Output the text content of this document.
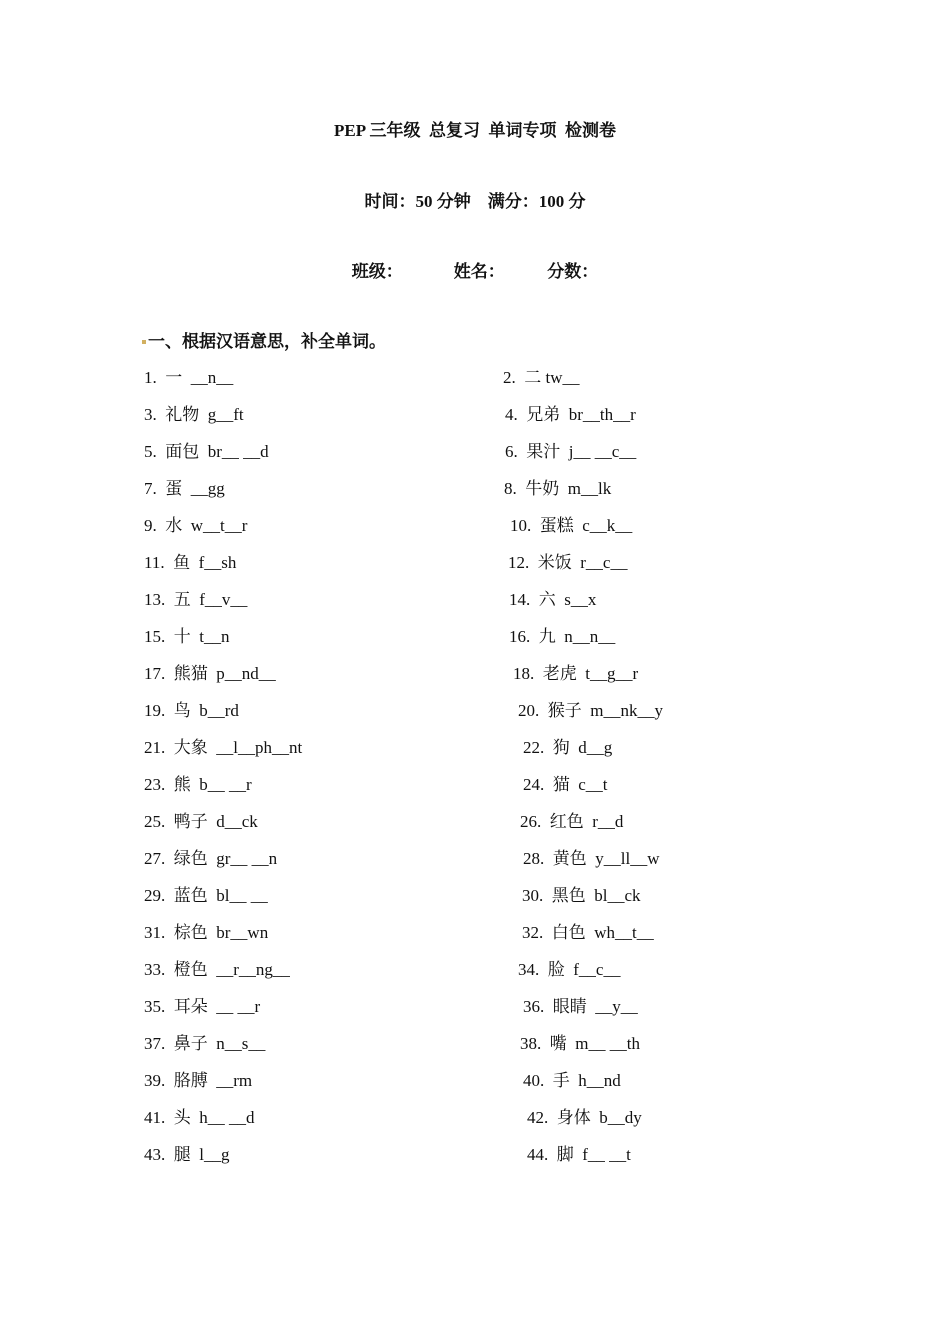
PEP 三年级  总复习  单词专项  检测卷
时间：50 分钟    满分：100 分
班级：            姓名：          分数：
一、根据汉语意思，补全单词。
1.  一  __n__
3.  礼物  g__ft
5.  面包  br__ __d
7.  蛋  __gg
9.  水  w__t__r
11.  鱼  f__sh
13.  五  f__v__
15.  十  t__n
17.  熊猫  p__nd__
19.  鸟  b__rd
21.  大象  __l__ph__nt
23.  熊  b__ __r
25.  鸭子  d__ck
27.  绿色  gr__ __n
29.  蓝色  bl__ __
31.  棕色  br__wn
33.  橙色  __r__ng__
35.  耳朵  __ __r
37.  鼻子  n__s__
39.  胳膊  __rm
41.  头  h__ __d
43.  腿  l__g
2.  二 tw__
4.  兄弟  br__th__r
6.  果汁  j__ __c__
8.  牛奶  m__lk
10.  蛋糕  c__k__
12.  米饭  r__c__
14.  六  s__x
16.  九  n__n__
18.  老虎  t__g__r
20.  猴子  m__nk__y
22.  狗  d__g
24.  猫  c__t
26.  红色  r__d
28.  黄色  y__ll__w
30.  黑色  bl__ck
32.  白色  wh__t__
34.  脸  f__c__
36.  眼睛  __y__
38.  嘴  m__ __th
40.  手  h__nd
42.  身体  b__dy
44.  脚  f__ __t
